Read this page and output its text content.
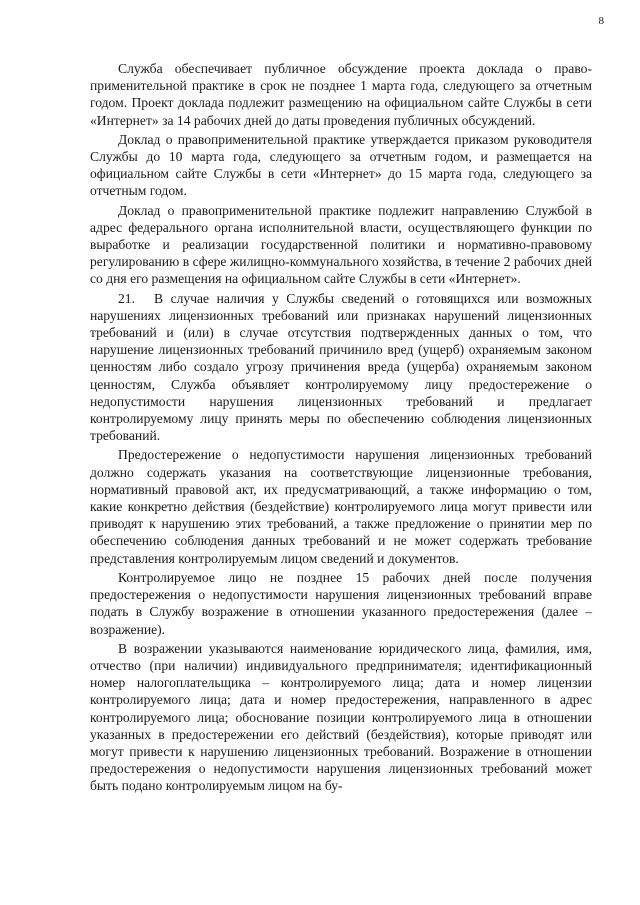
8

Служба обеспечивает публичное обсуждение проекта доклада о правоприменительной практике в срок не позднее 1 марта года, следующего за отчетным годом. Проект доклада подлежит размещению на официальном сайте Службы в сети «Интернет» за 14 рабочих дней до даты проведения публичных обсуждений.

Доклад о правоприменительной практике утверждается приказом руководителя Службы до 10 марта года, следующего за отчетным годом, и размещается на официальном сайте Службы в сети «Интернет» до 15 марта года, следующего за отчетным годом.

Доклад о правоприменительной практике подлежит направлению Службой в адрес федерального органа исполнительной власти, осуществляющего функции по выработке и реализации государственной политики и нормативно-правовому регулированию в сфере жилищно-коммунального хозяйства, в течение 2 рабочих дней со дня его размещения на официальном сайте Службы в сети «Интернет».

21. В случае наличия у Службы сведений о готовящихся или возможных нарушениях лицензионных требований или признаках нарушений лицензионных требований и (или) в случае отсутствия подтвержденных данных о том, что нарушение лицензионных требований причинило вред (ущерб) охраняемым законом ценностям либо создало угрозу причинения вреда (ущерба) охраняемым законом ценностям, Служба объявляет контролируемому лицу предостережение о недопустимости нарушения лицензионных требований и предлагает контролируемому лицу принять меры по обеспечению соблюдения лицензионных требований.

Предостережение о недопустимости нарушения лицензионных требований должно содержать указания на соответствующие лицензионные требования, нормативный правовой акт, их предусматривающий, а также информацию о том, какие конкретно действия (бездействие) контролируемого лица могут привести или приводят к нарушению этих требований, а также предложение о принятии мер по обеспечению соблюдения данных требований и не может содержать требование представления контролируемым лицом сведений и документов.

Контролируемое лицо не позднее 15 рабочих дней после получения предостережения о недопустимости нарушения лицензионных требований вправе подать в Службу возражение в отношении указанного предостережения (далее – возражение).

В возражении указываются наименование юридического лица, фамилия, имя, отчество (при наличии) индивидуального предпринимателя; идентификационный номер налогоплательщика – контролируемого лица; дата и номер лицензии контролируемого лица; дата и номер предостережения, направленного в адрес контролируемого лица; обоснование позиции контролируемого лица в отношении указанных в предостережении его действий (бездействия), которые приводят или могут привести к нарушению лицензионных требований. Возражение в отношении предостережения о недопустимости нарушения лицензионных требований может быть подано контролируемым лицом на бу-
